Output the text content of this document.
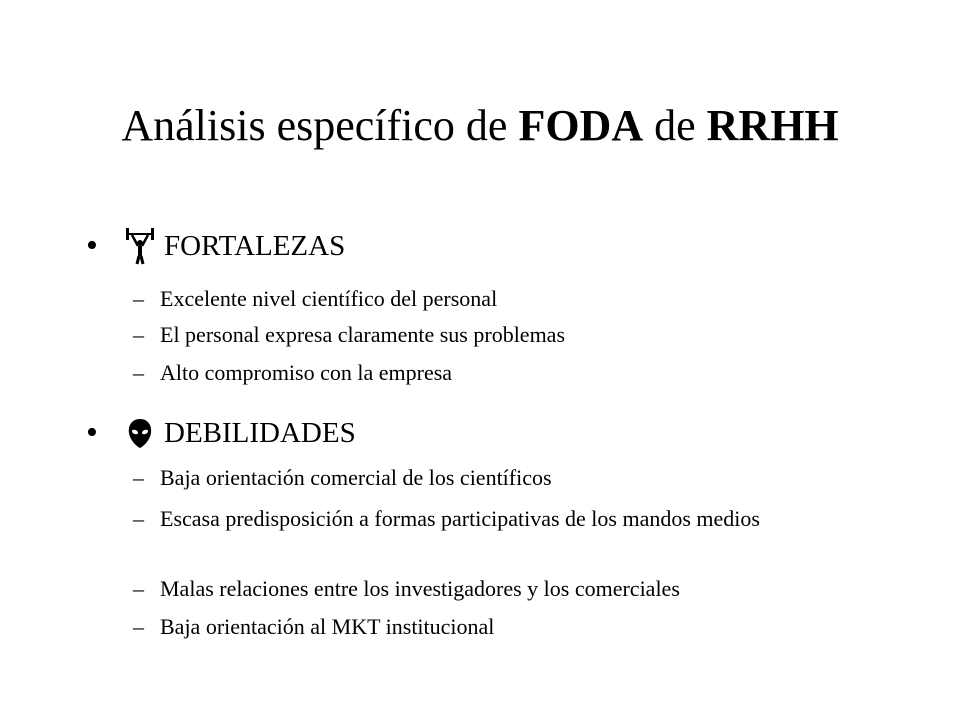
Análisis específico de FODA de RRHH
•	FORTALEZAS
– Excelente nivel científico del personal
– El personal expresa claramente sus problemas
– Alto compromiso con la empresa
•	DEBILIDADES
– Baja orientación comercial de los científicos
– Escasa predisposición a formas participativas de los mandos medios
– Malas relaciones entre los investigadores y los comerciales
– Baja orientación al MKT institucional
